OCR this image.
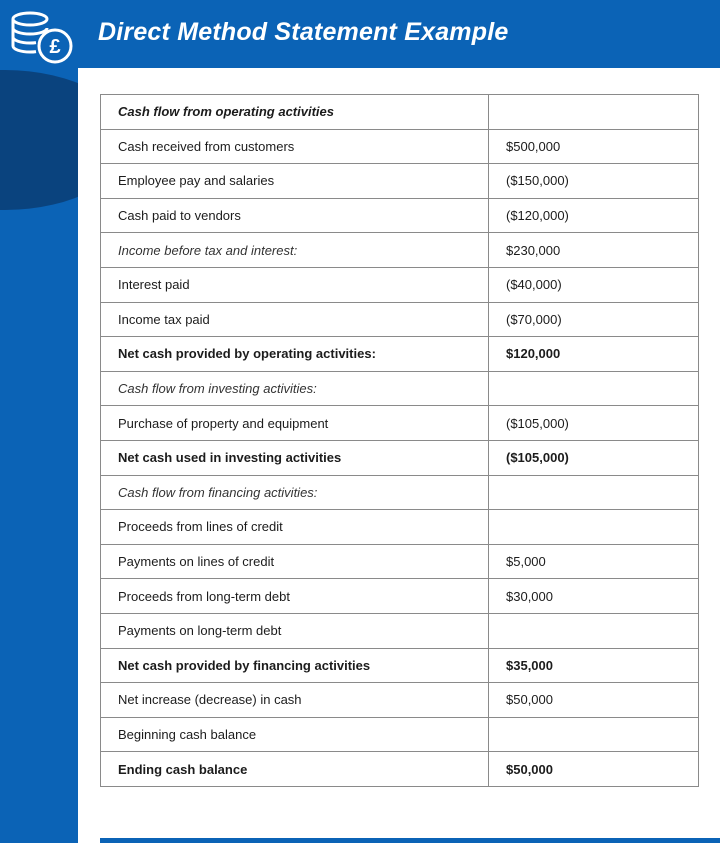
£
Direct Method Statement Example
Cash flow from operating activities	
Cash received from customers	$500,000
Employee pay and salaries	($150,000)
Cash paid to vendors	($120,000)
Income before tax and interest:	$230,000
Interest paid	($40,000)
Income tax paid	($70,000)
Net cash provided by operating activities:	$120,000
Cash flow from investing activities:	
Purchase of property and equipment	($105,000)
Net cash used in investing activities	($105,000)
Cash flow from financing activities:	
Proceeds from lines of credit	
Payments on lines of credit	$5,000
Proceeds from long-term debt	$30,000
Payments on long-term debt	
Net cash provided by financing activities	$35,000
Net increase (decrease) in cash	$50,000
Beginning cash balance	
Ending cash balance	$50,000
